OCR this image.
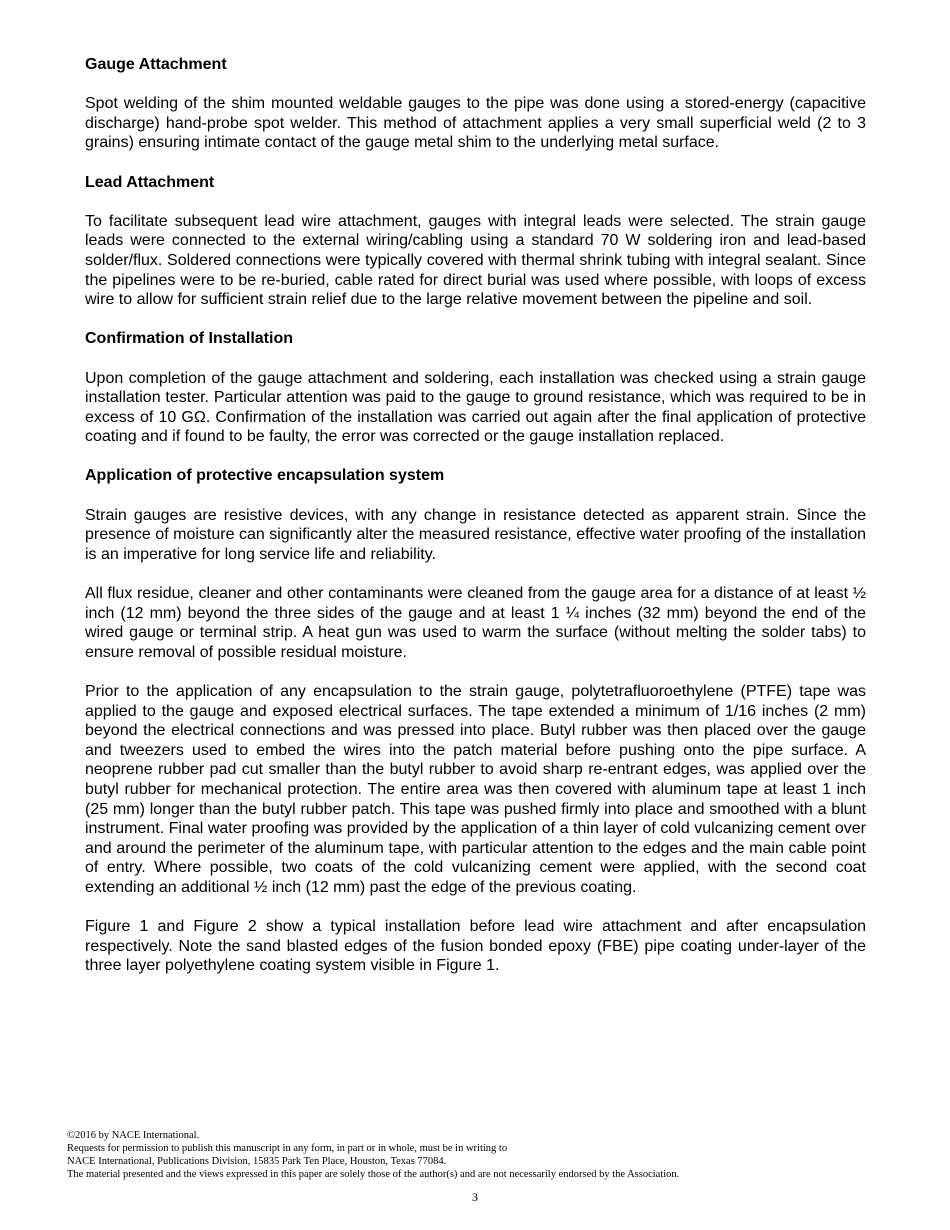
Gauge Attachment
Spot welding of the shim mounted weldable gauges to the pipe was done using a stored-energy (capacitive discharge) hand-probe spot welder. This method of attachment applies a very small superficial weld (2 to 3 grains) ensuring intimate contact of the gauge metal shim to the underlying metal surface.
Lead Attachment
To facilitate subsequent lead wire attachment, gauges with integral leads were selected. The strain gauge leads were connected to the external wiring/cabling using a standard 70 W soldering iron and lead-based solder/flux. Soldered connections were typically covered with thermal shrink tubing with integral sealant. Since the pipelines were to be re-buried, cable rated for direct burial was used where possible, with loops of excess wire to allow for sufficient strain relief due to the large relative movement between the pipeline and soil.
Confirmation of Installation
Upon completion of the gauge attachment and soldering, each installation was checked using a strain gauge installation tester. Particular attention was paid to the gauge to ground resistance, which was required to be in excess of 10 GΩ. Confirmation of the installation was carried out again after the final application of protective coating and if found to be faulty, the error was corrected or the gauge installation replaced.
Application of protective encapsulation system
Strain gauges are resistive devices, with any change in resistance detected as apparent strain. Since the presence of moisture can significantly alter the measured resistance, effective water proofing of the installation is an imperative for long service life and reliability.
All flux residue, cleaner and other contaminants were cleaned from the gauge area for a distance of at least ½ inch (12 mm) beyond the three sides of the gauge and at least 1 ¼ inches (32 mm) beyond the end of the wired gauge or terminal strip. A heat gun was used to warm the surface (without melting the solder tabs) to ensure removal of possible residual moisture.
Prior to the application of any encapsulation to the strain gauge, polytetrafluoroethylene (PTFE) tape was applied to the gauge and exposed electrical surfaces. The tape extended a minimum of 1/16 inches (2 mm) beyond the electrical connections and was pressed into place. Butyl rubber was then placed over the gauge and tweezers used to embed the wires into the patch material before pushing onto the pipe surface. A neoprene rubber pad cut smaller than the butyl rubber to avoid sharp re-entrant edges, was applied over the butyl rubber for mechanical protection. The entire area was then covered with aluminum tape at least 1 inch (25 mm) longer than the butyl rubber patch. This tape was pushed firmly into place and smoothed with a blunt instrument. Final water proofing was provided by the application of a thin layer of cold vulcanizing cement over and around the perimeter of the aluminum tape, with particular attention to the edges and the main cable point of entry. Where possible, two coats of the cold vulcanizing cement were applied, with the second coat extending an additional ½ inch (12 mm) past the edge of the previous coating.
Figure 1 and Figure 2 show a typical installation before lead wire attachment and after encapsulation respectively. Note the sand blasted edges of the fusion bonded epoxy (FBE) pipe coating under-layer of the three layer polyethylene coating system visible in Figure 1.
©2016 by NACE International.
Requests for permission to publish this manuscript in any form, in part or in whole, must be in writing to
NACE International, Publications Division, 15835 Park Ten Place, Houston, Texas 77084.
The material presented and the views expressed in this paper are solely those of the author(s) and are not necessarily endorsed by the Association.
3
